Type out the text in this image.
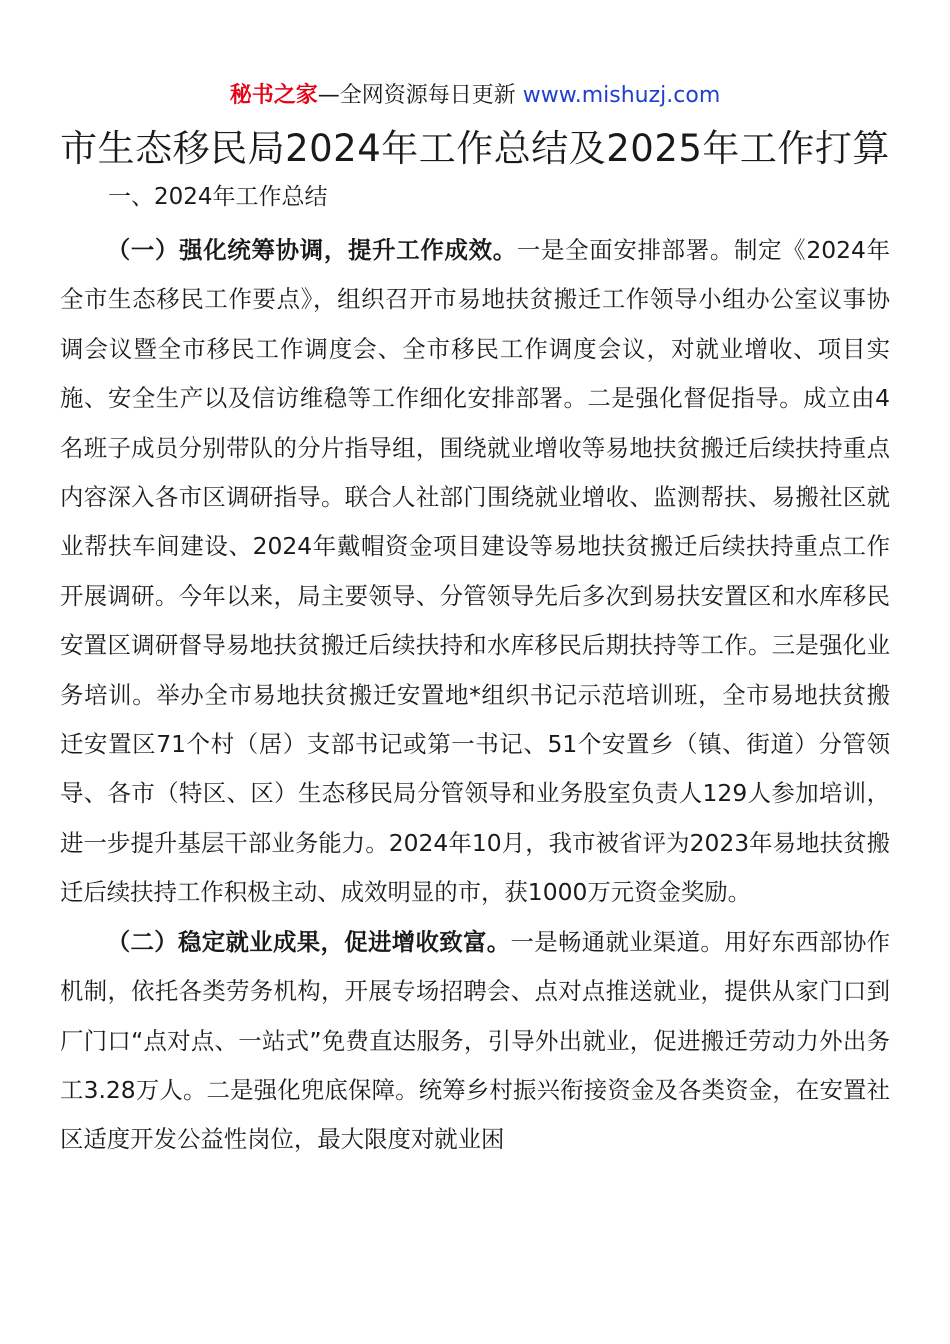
秘书之家—全网资源每日更新 www.mishuzj.com
市生态移民局2024年工作总结及2025年工作打算
一、2024年工作总结

（一）强化统筹协调，提升工作成效。一是全面安排部署。制定《2024年全市生态移民工作要点》，组织召开市易地扶贫搬迁工作领导小组办公室议事协调会议暨全市移民工作调度会、全市移民工作调度会议，对就业增收、项目实施、安全生产以及信访维稳等工作细化安排部署。二是强化督促指导。成立由4名班子成员分别带队的分片指导组，围绕就业增收等易地扶贫搬迁后续扶持重点内容深入各市区调研指导。联合人社部门围绕就业增收、监测帮扶、易搬社区就业帮扶车间建设、2024年戴帽资金项目建设等易地扶贫搬迁后续扶持重点工作开展调研。今年以来，局主要领导、分管领导先后多次到易扶安置区和水库移民安置区调研督导易地扶贫搬迁后续扶持和水库移民后期扶持等工作。三是强化业务培训。举办全市易地扶贫搬迁安置地*组织书记示范培训班，全市易地扶贫搬迁安置区71个村（居）支部书记或第一书记、51个安置乡（镇、街道）分管领导、各市（特区、区）生态移民局分管领导和业务股室负责人129人参加培训，进一步提升基层干部业务能力。2024年10月，我市被省评为2023年易地扶贫搬迁后续扶持工作积极主动、成效明显的市，获1000万元资金奖励。

（二）稳定就业成果，促进增收致富。一是畅通就业渠道。用好东西部协作机制，依托各类劳务机构，开展专场招聘会、点对点推送就业，提供从家门口到厂门口“点对点、一站式”免费直达服务，引导外出就业，促进搬迁劳动力外出务工3.28万人。二是强化兜底保障。统筹乡村振兴衔接资金及各类资金，在安置社区适度开发公益性岗位，最大限度对就业困
